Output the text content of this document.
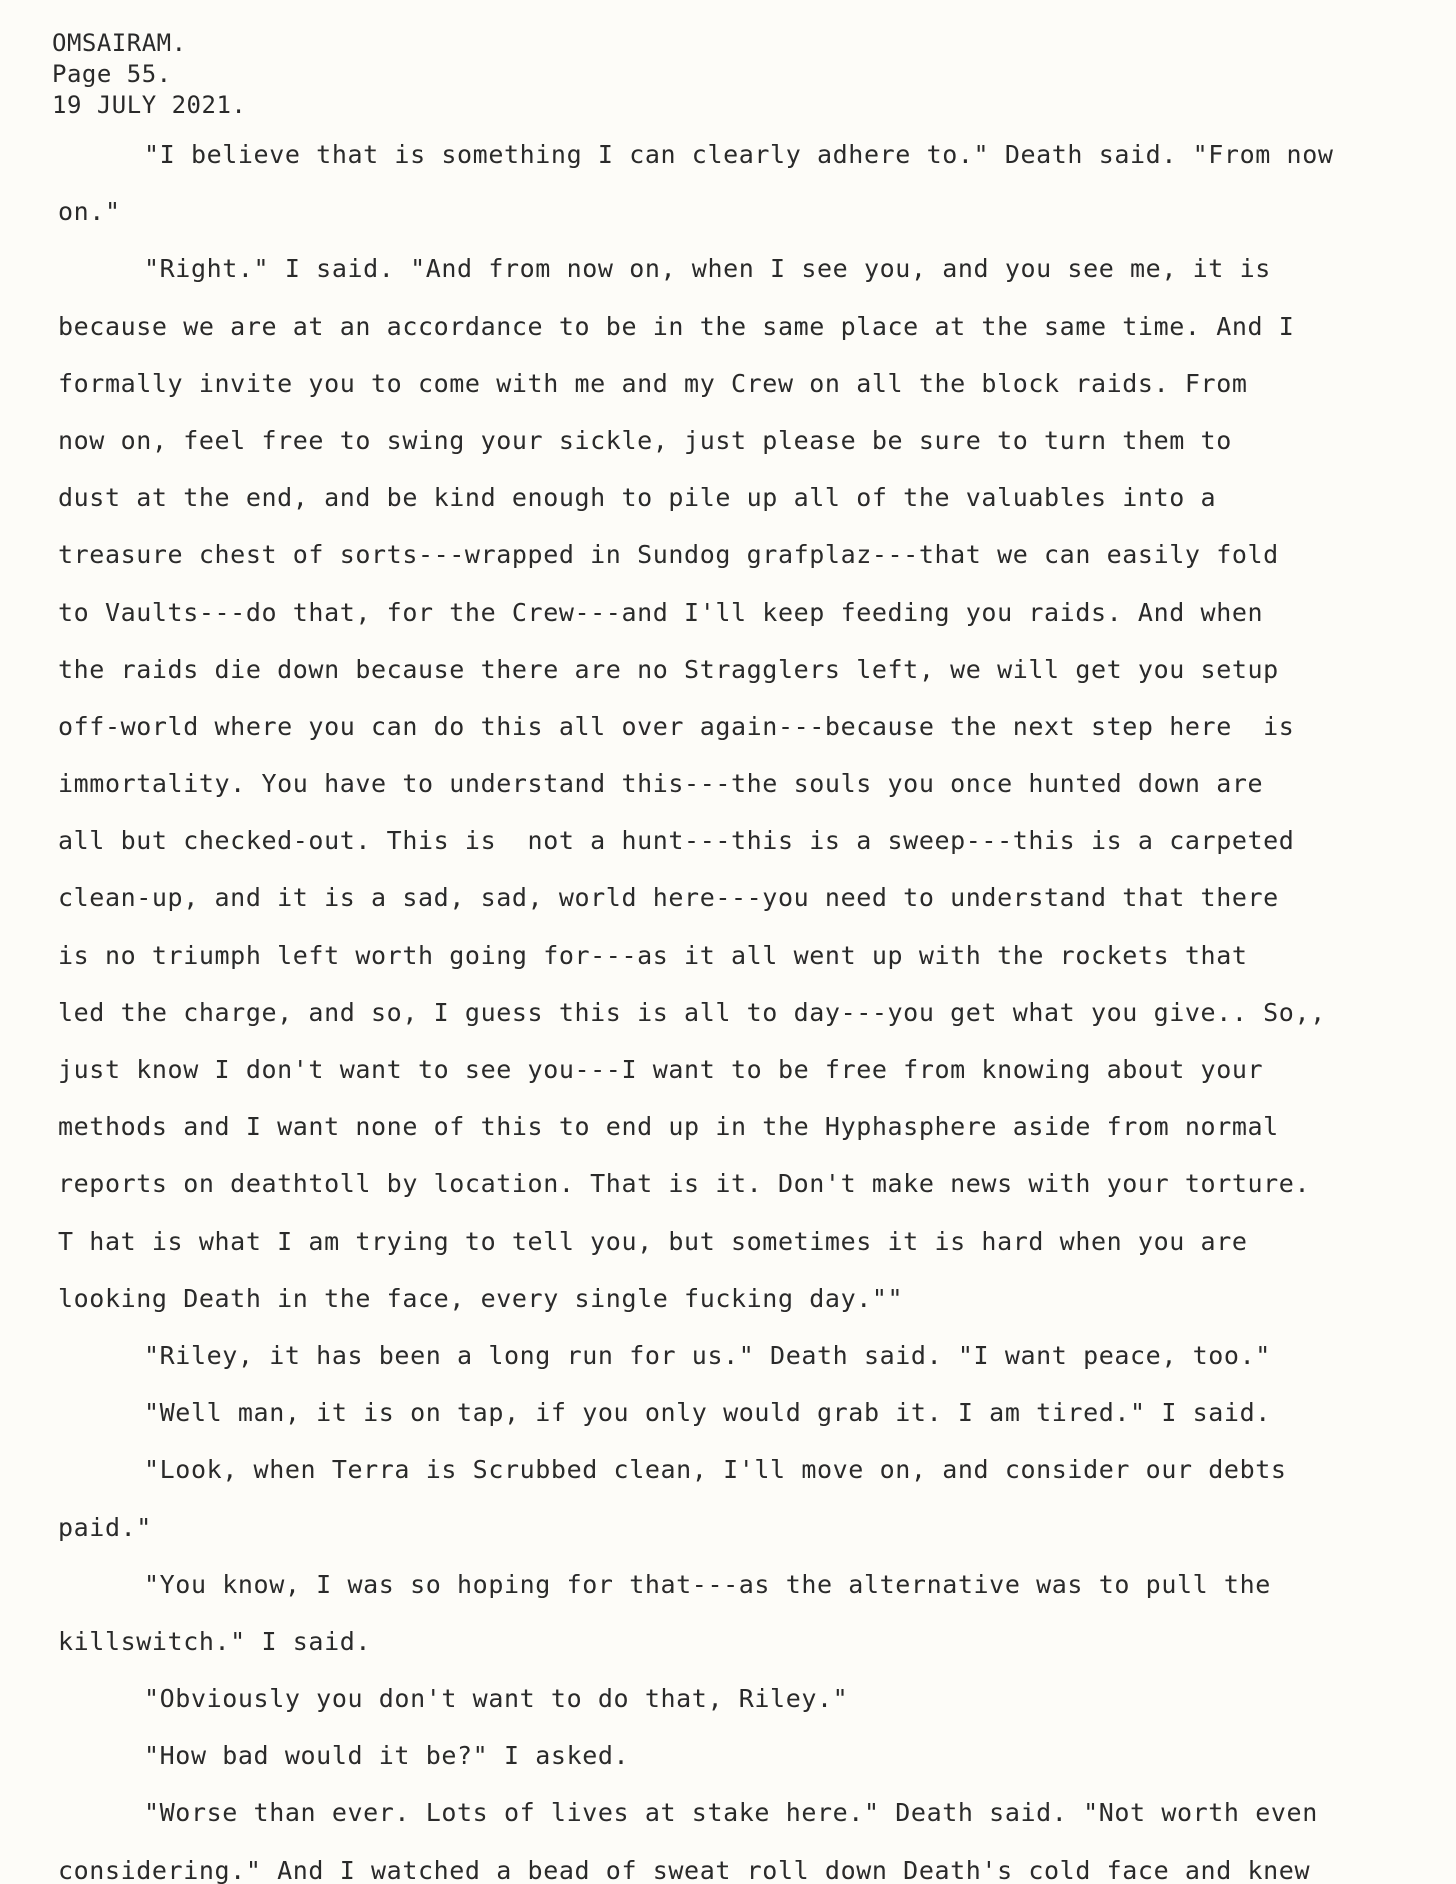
OMSAIRAM.
Page 55.
19 JULY 2021.
"I believe that is something I can clearly adhere to." Death said. "From now
on."
"Right." I said. "And from now on, when I see you, and you see me, it is
because we are at an accordance to be in the same place at the same time. And I
formally invite you to come with me and my Crew on all the block raids. From
now on, feel free to swing your sickle, just please be sure to turn them to
dust at the end, and be kind enough to pile up all of the valuables into a
treasure chest of sorts---wrapped in Sundog grafplaz---that we can easily fold
to Vaults---do that, for the Crew---and I'll keep feeding you raids. And when
the raids die down because there are no Stragglers left, we will get you setup
off-world where you can do this all over again---because the next step here  is
immortality. You have to understand this---the souls you once hunted down are
all but checked-out. This is  not a hunt---this is a sweep---this is a carpeted
clean-up, and it is a sad, sad, world here---you need to understand that there
is no triumph left worth going for---as it all went up with the rockets that
led the charge, and so, I guess this is all to day---you get what you give.. So,,
just know I don't want to see you---I want to be free from knowing about your
methods and I want none of this to end up in the Hyphasphere aside from normal
reports on deathtoll by location. That is it. Don't make news with your torture.
T hat is what I am trying to tell you, but sometimes it is hard when you are
looking Death in the face, every single fucking day.""
"Riley, it has been a long run for us." Death said. "I want peace, too."
"Well man, it is on tap, if you only would grab it. I am tired." I said.
"Look, when Terra is Scrubbed clean, I'll move on, and consider our debts
paid."
"You know, I was so hoping for that---as the alternative was to pull the
killswitch." I said.
"Obviously you don't want to do that, Riley."
"How bad would it be?" I asked.
"Worse than ever. Lots of lives at stake here." Death said. "Not worth even
considering." And I watched a bead of sweat roll down Death's cold face and knew
